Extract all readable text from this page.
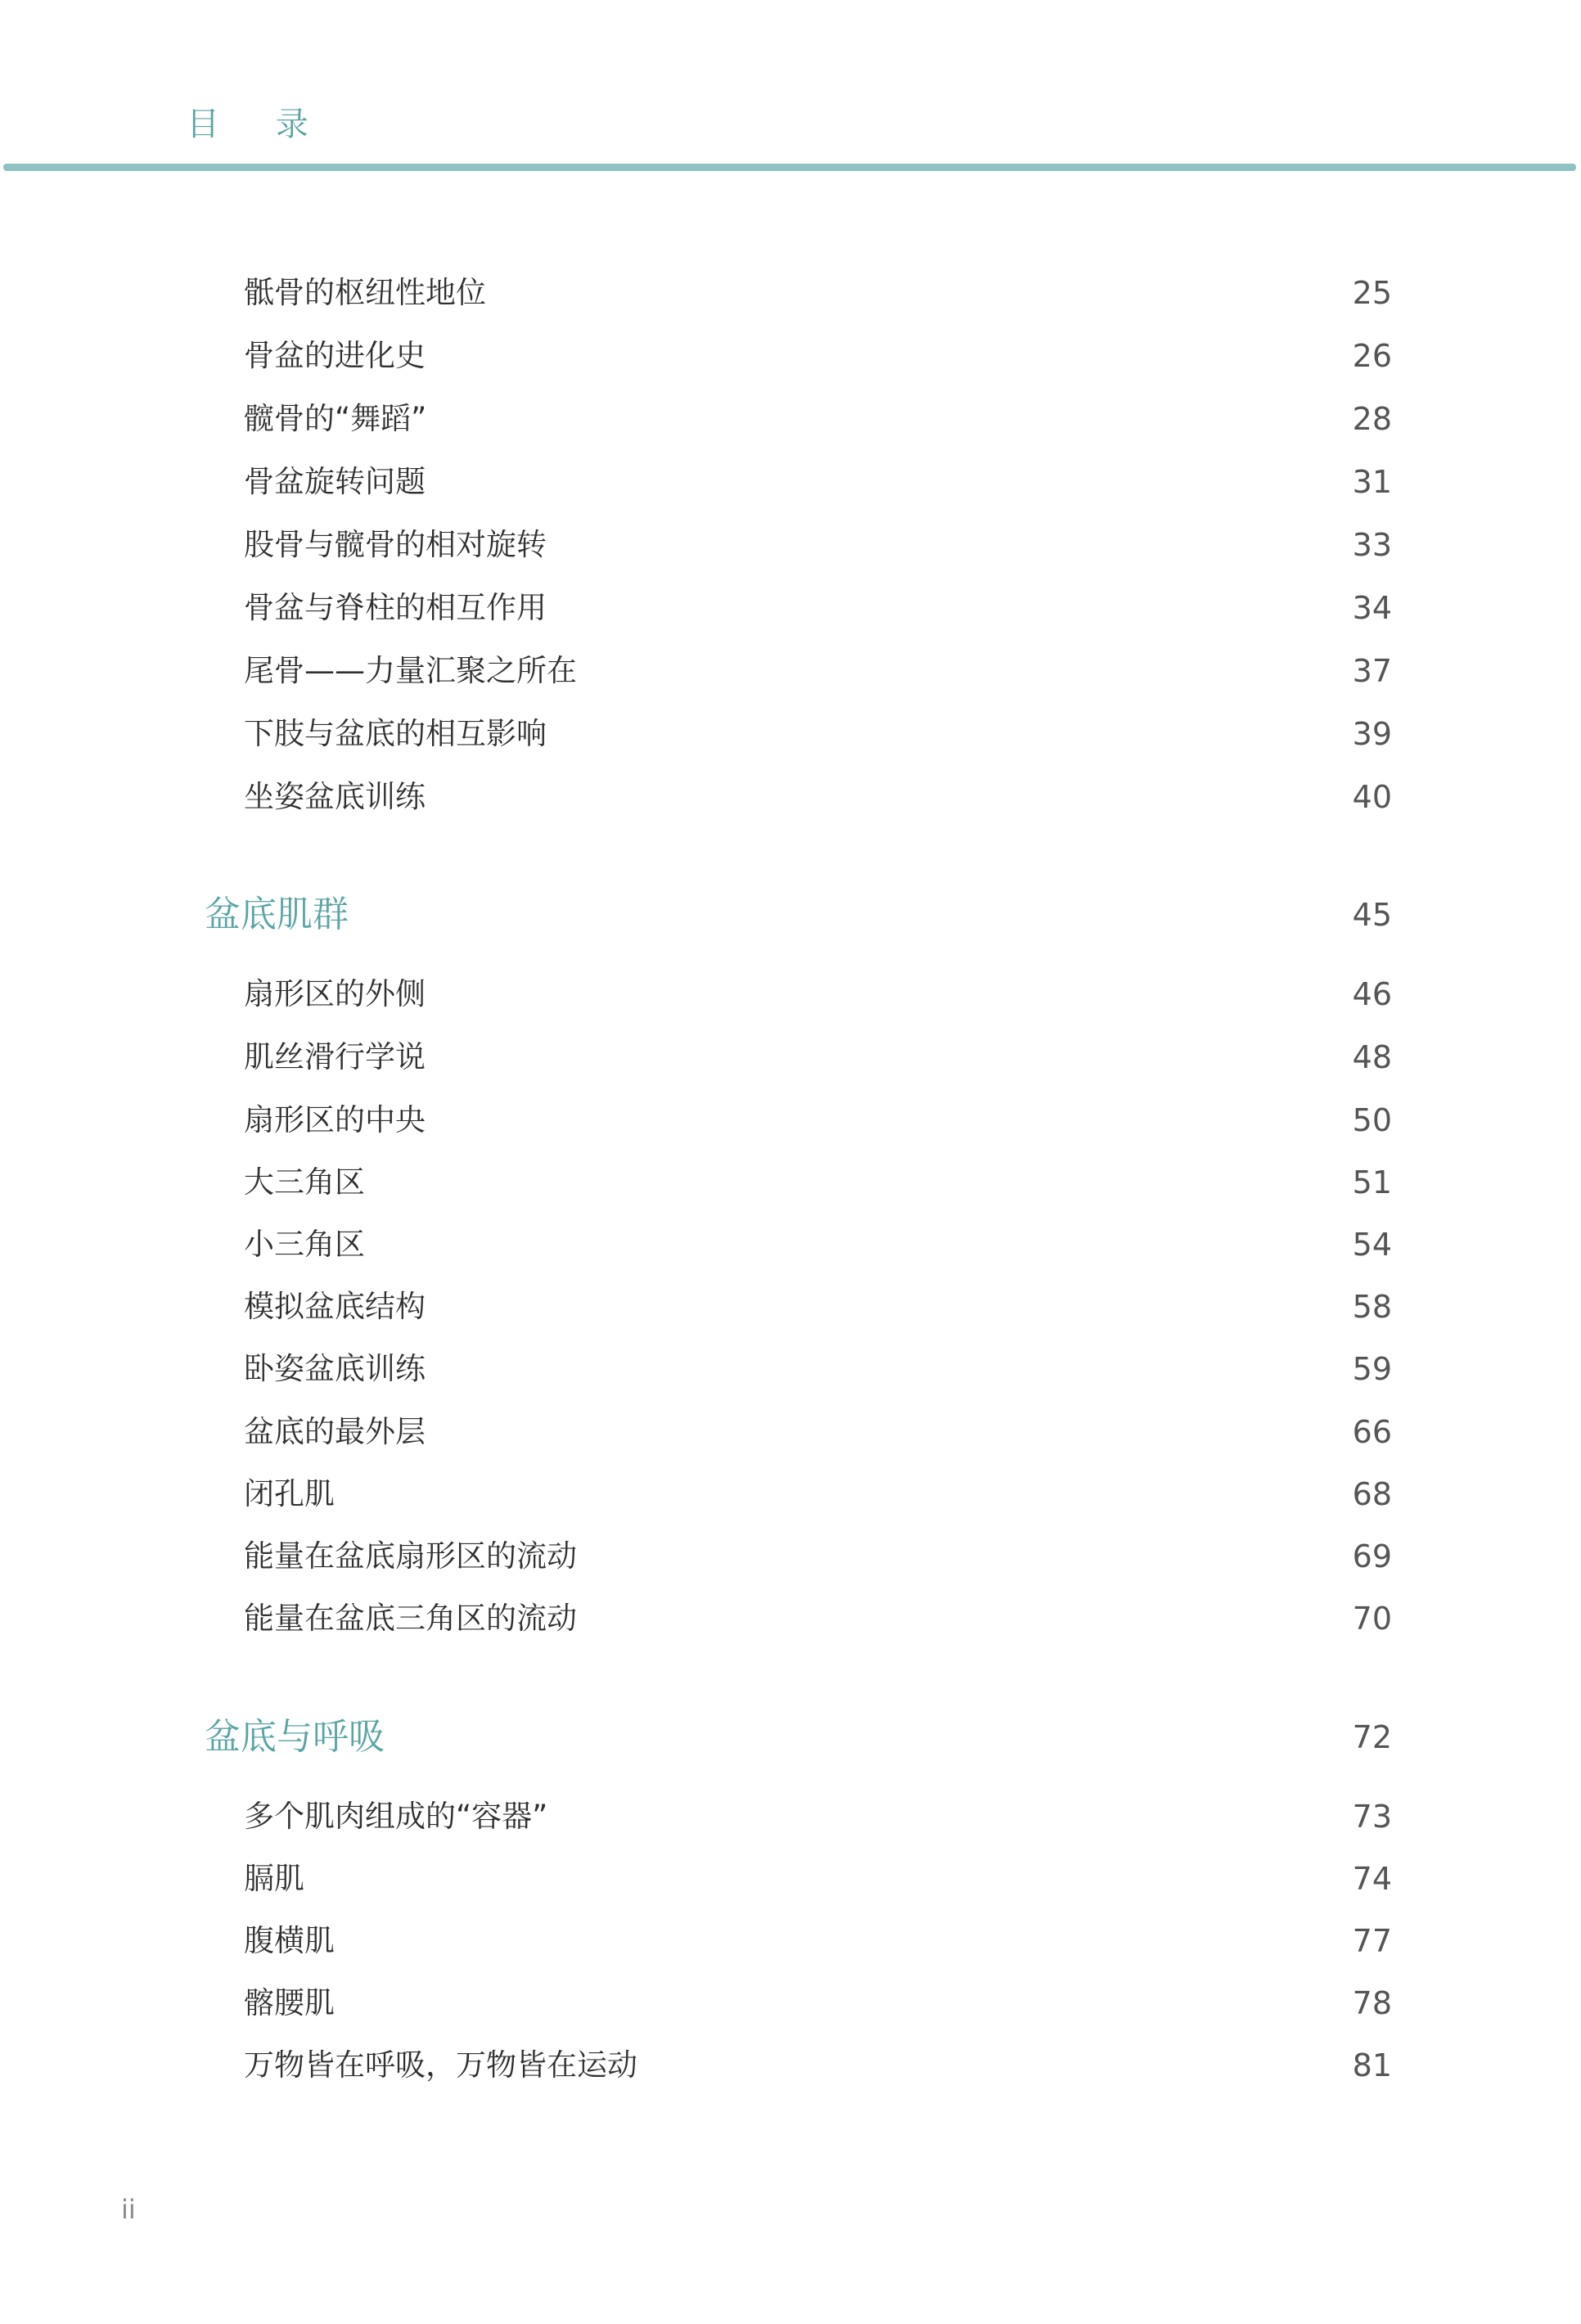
目 录
骶骨的枢纽性地位	25
骨盆的进化史	26
髋骨的“舞蹈”	28
骨盆旋转问题	31
股骨与髋骨的相对旋转	33
骨盆与脊柱的相互作用	34
尾骨——力量汇聚之所在	37
下肢与盆底的相互影响	39
坐姿盆底训练	40
盆底肌群	45
扇形区的外侧	46
肌丝滑行学说	48
扇形区的中央	50
大三角区	51
小三角区	54
模拟盆底结构	58
卧姿盆底训练	59
盆底的最外层	66
闭孔肌	68
能量在盆底扇形区的流动	69
能量在盆底三角区的流动	70
盆底与呼吸	72
多个肌肉组成的“容器”	73
膈肌	74
腹横肌	77
髂腰肌	78
万物皆在呼吸，万物皆在运动	81
ii
